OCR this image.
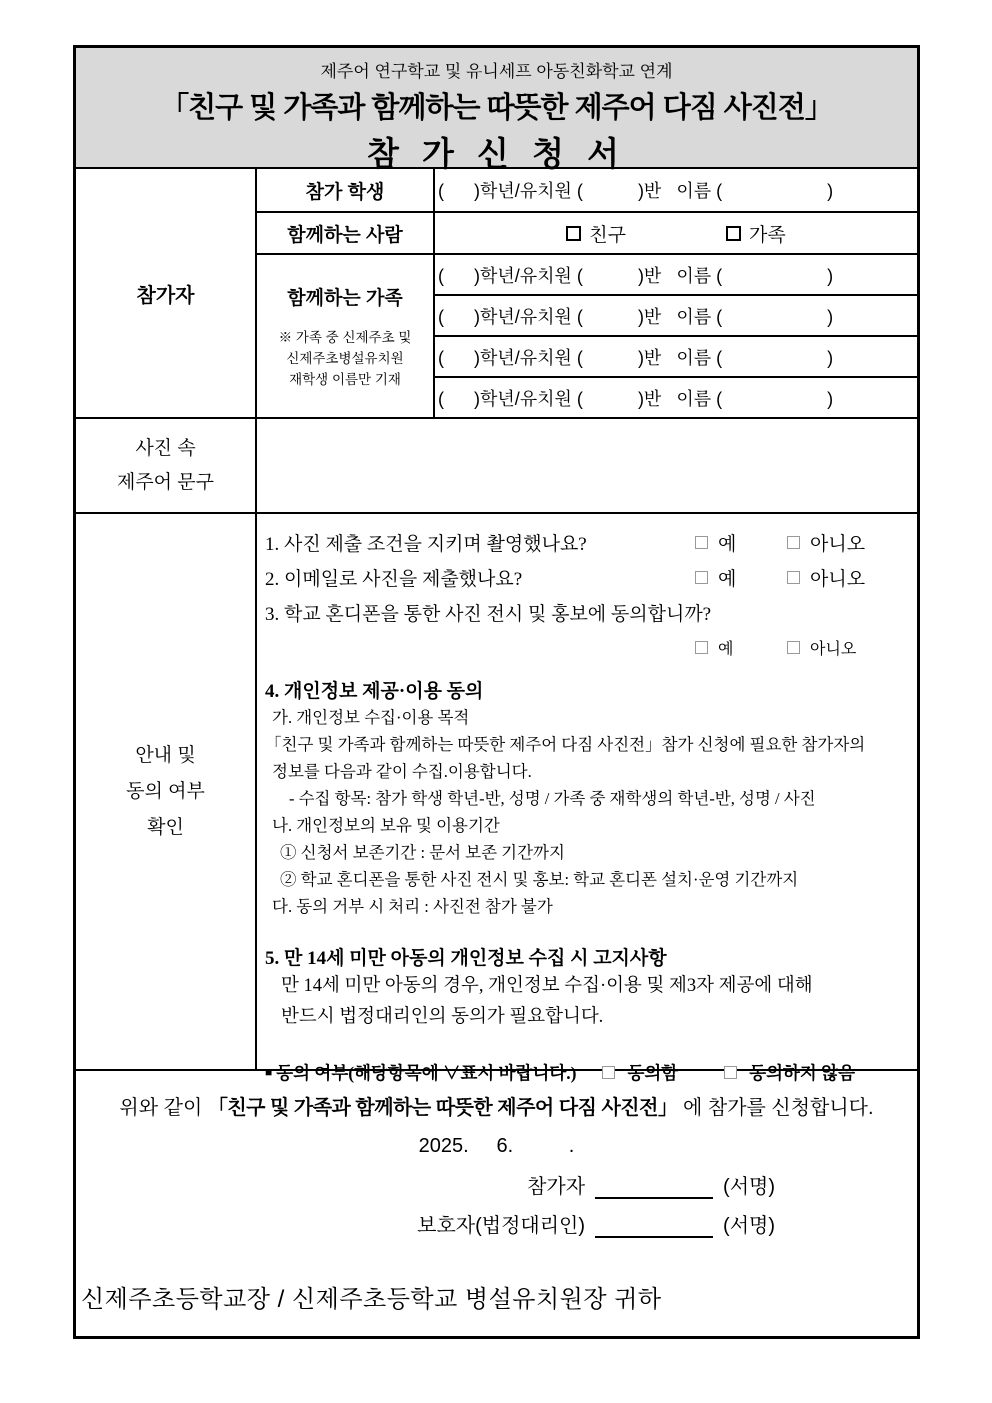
제주어 연구학교 및 유니세프 아동친화학교 연계
「친구 및 가족과 함께하는 따뜻한 제주어 다짐 사진전」
참 가 신 청 서
참가자
참가 학생	(      )학년/유치원 (           )반   이름 (                     )
함께하는 사람	친구	가족
함께하는 가족
※ 가족 중 신제주초 및
신제주초병설유치원
재학생 이름만 기재
(      )학년/유치원 (           )반   이름 (                     )
(      )학년/유치원 (           )반   이름 (                     )
(      )학년/유치원 (           )반   이름 (                     )
(      )학년/유치원 (           )반   이름 (                     )
사진 속
제주어 문구
안내 및
동의 여부
확인
1. 사진 제출 조건을 지키며 촬영했나요?	예	아니오
2. 이메일로 사진을 제출했나요?	예	아니오
3. 학교 혼디폰을 통한 사진 전시 및 홍보에 동의합니까?
예	아니오
4. 개인정보 제공·이용 동의
가. 개인정보 수집·이용 목적
「친구 및 가족과 함께하는 따뜻한 제주어 다짐 사진전」참가 신청에 필요한 참가자의
정보를 다음과 같이 수집.이용합니다.
- 수집 항목: 참가 학생 학년-반, 성명 / 가족 중 재학생의 학년-반, 성명 / 사진
나. 개인정보의 보유 및 이용기간
① 신청서 보존기간 : 문서 보존 기간까지
② 학교 혼디폰을 통한 사진 전시 및 홍보: 학교 혼디폰 설치·운영 기간까지
다. 동의 거부 시 처리 : 사진전 참가 불가
5. 만 14세 미만 아동의 개인정보 수집 시 고지사항
만 14세 미만 아동의 경우, 개인정보 수집·이용 및 제3자 제공에 대해
반드시 법정대리인의 동의가 필요합니다.
■ 동의 여부(해당항목에 ∨표시 바랍니다.)	동의함	동의하지 않음
위와 같이 「친구 및 가족과 함께하는 따뜻한 제주어 다짐 사진전」 에 참가를 신청합니다.
2025.     6.          .
참가자	(서명)
보호자(법정대리인)	(서명)
신제주초등학교장 / 신제주초등학교 병설유치원장 귀하
